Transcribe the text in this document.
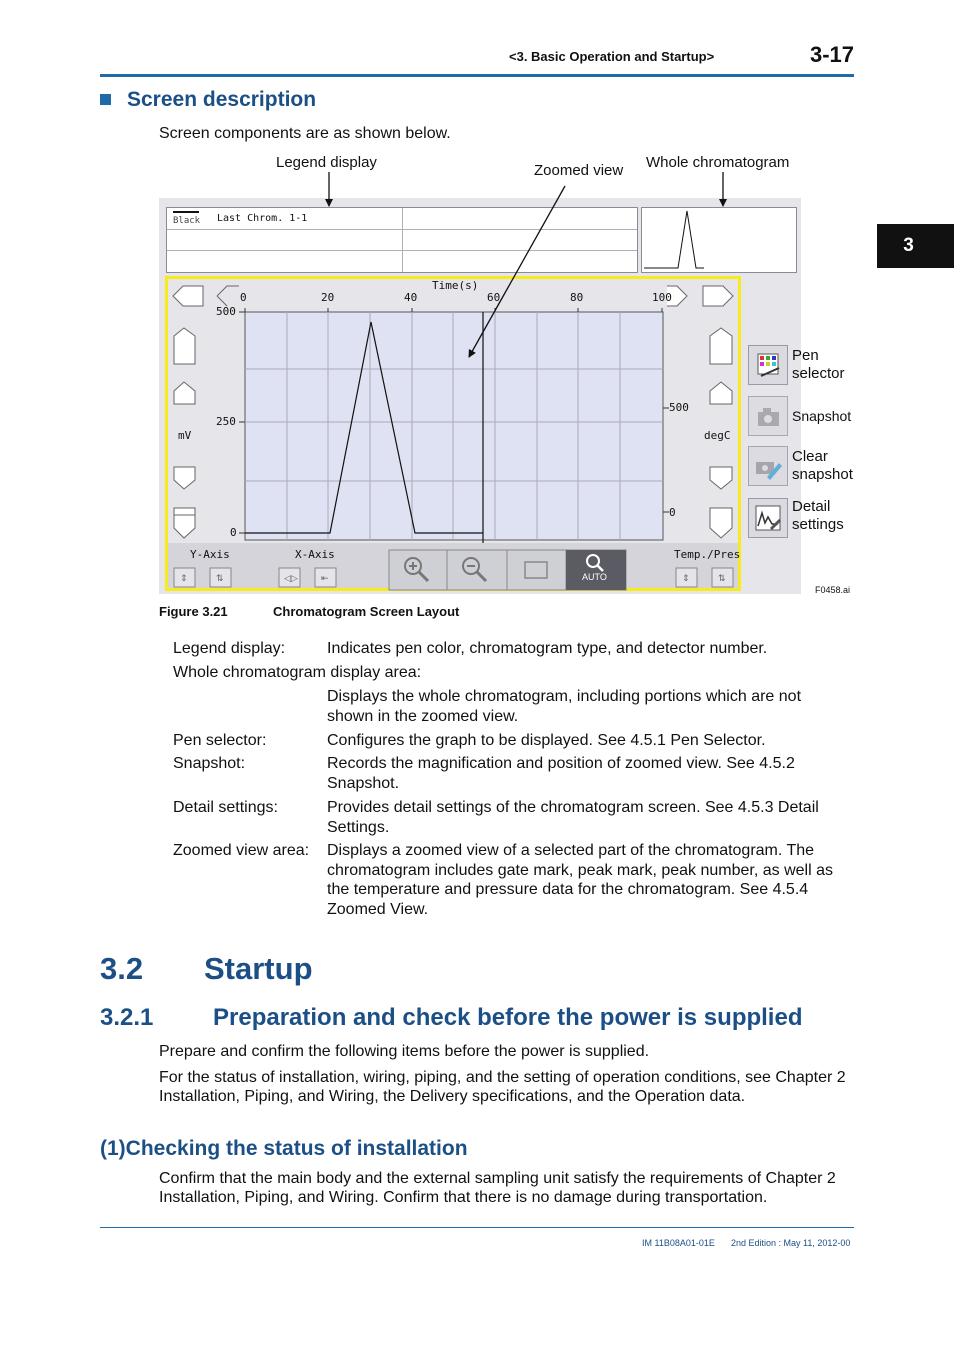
<3. Basic Operation and Startup>	3-17
3
Screen description
Screen components are as shown below.
Legend display	Zoomed view Whole chromatogram
Black Last Chrom. 1-1
⇕	⇅	◁▷	⇤	⇕	⇅
Time(s)
0	20	40	60	80	100
500
250
0
mV
500
0
degC
Y-Axis	X-Axis
AUTO
Temp./Pres
Pen
selector
Snapshot
Clear
snapshot
Detail
settings
F0458.ai
Figure 3.21	Chromatogram Screen Layout
Legend display:	Indicates pen color, chromatogram type, and detector number.
Whole chromatogram display area:
Displays the whole chromatogram, including portions which are not shown in the zoomed view.
Pen selector:	Configures the graph to be displayed. See 4.5.1 Pen Selector.
Snapshot:	Records the magnification and position of zoomed view. See 4.5.2 Snapshot.
Detail settings:	Provides detail settings of the chromatogram screen. See 4.5.3 Detail Settings.
Zoomed view area: Displays a zoomed view of a selected part of the chromatogram. The chromatogram includes gate mark, peak mark, peak number, as well as the temperature and pressure data for the chromatogram. See 4.5.4 Zoomed View.
3.2 Startup
3.2.1 Preparation and check before the power is supplied
Prepare and confirm the following items before the power is supplied.
For the status of installation, wiring, piping, and the setting of operation conditions, see Chapter 2 Installation, Piping, and Wiring, the Delivery specifications, and the Operation data.
(1)Checking the status of installation
Confirm that the main body and the external sampling unit satisfy the requirements of Chapter 2 Installation, Piping, and Wiring. Confirm that there is no damage during transportation.
IM 11B08A01-01E 2nd Edition : May 11, 2012-00
